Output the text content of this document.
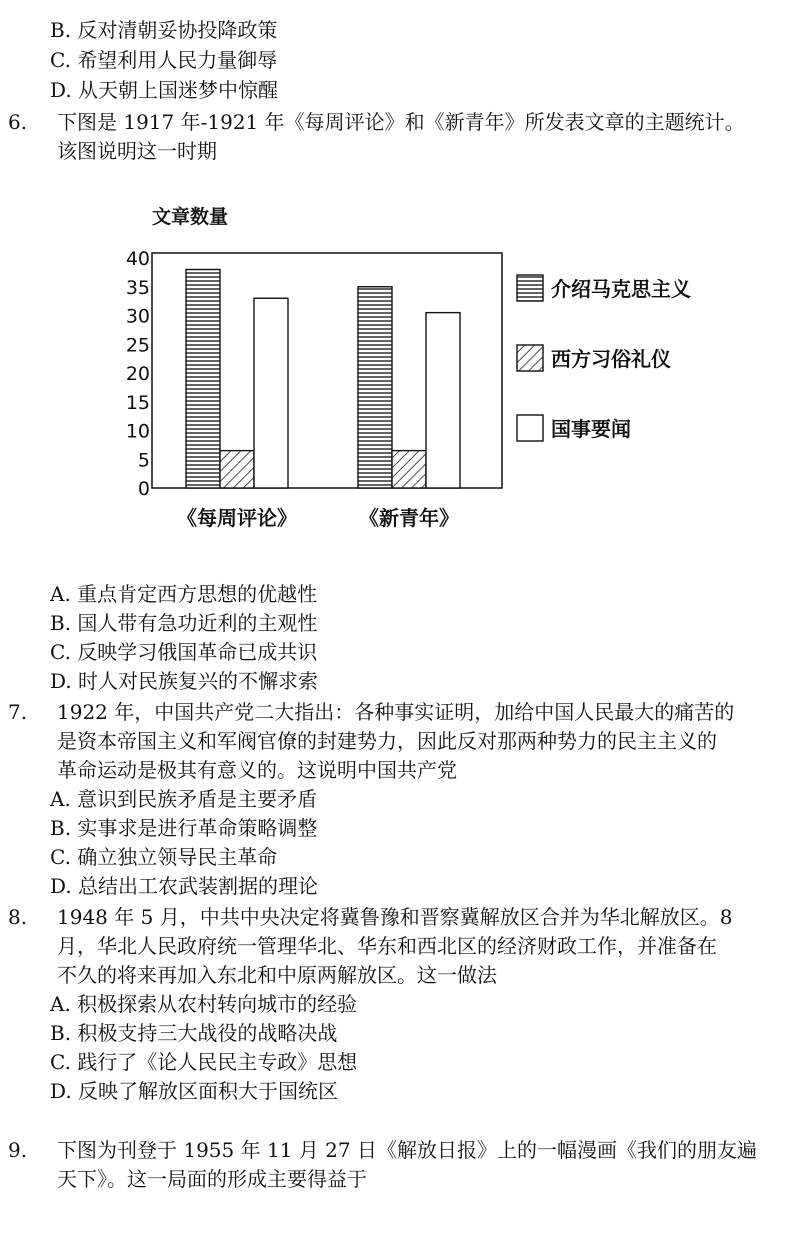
B. 反对清朝妥协投降政策
C. 希望利用人民力量御辱
D. 从天朝上国迷梦中惊醒
6. 下图是 1917 年-1921 年《每周评论》和《新青年》所发表文章的主题统计。
该图说明这一时期
文章数量
0
5
10
15
20
25
30
35
40
《每周评论》	《新青年》
介绍马克思主义
西方习俗礼仪
国事要闻
A. 重点肯定西方思想的优越性
B. 国人带有急功近利的主观性
C. 反映学习俄国革命已成共识
D. 时人对民族复兴的不懈求索
7. 1922 年，中国共产党二大指出：各种事实证明，加给中国人民最大的痛苦的
是资本帝国主义和军阀官僚的封建势力，因此反对那两种势力的民主主义的
革命运动是极其有意义的。这说明中国共产党
A. 意识到民族矛盾是主要矛盾
B. 实事求是进行革命策略调整
C. 确立独立领导民主革命
D. 总结出工农武装割据的理论
8. 1948 年 5 月，中共中央决定将冀鲁豫和晋察冀解放区合并为华北解放区。8
月，华北人民政府统一管理华北、华东和西北区的经济财政工作，并准备在
不久的将来再加入东北和中原两解放区。这一做法
A. 积极探索从农村转向城市的经验
B. 积极支持三大战役的战略决战
C. 践行了《论人民民主专政》思想
D. 反映了解放区面积大于国统区
9. 下图为刊登于 1955 年 11 月 27 日《解放日报》上的一幅漫画《我们的朋友遍
天下》。这一局面的形成主要得益于
